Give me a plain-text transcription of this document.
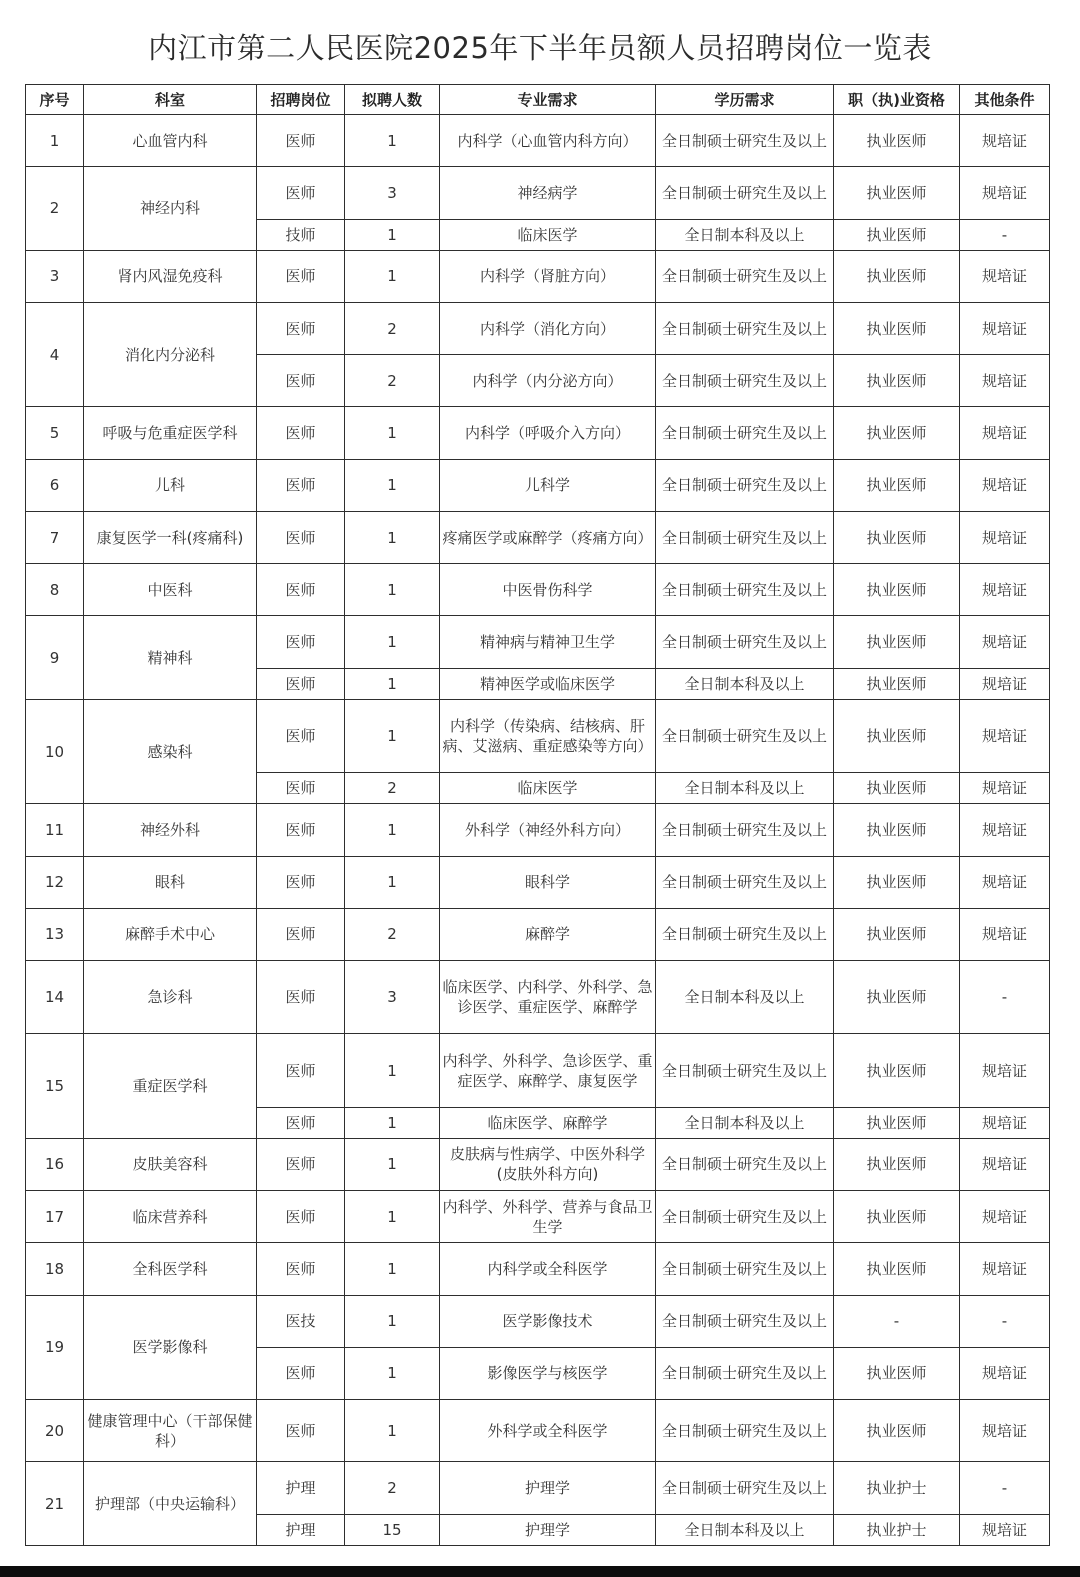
内江市第二人民医院2025年下半年员额人员招聘岗位一览表
序号	科室	招聘岗位	拟聘人数	专业需求	学历需求	职（执)业资格	其他条件
1	心血管内科	医师	1	内科学（心血管内科方向）	全日制硕士研究生及以上	执业医师	规培证
2	神经内科	医师	3	神经病学	全日制硕士研究生及以上	执业医师	规培证
		技师	1	临床医学	全日制本科及以上	执业医师	-
3	肾内风湿免疫科	医师	1	内科学（肾脏方向）	全日制硕士研究生及以上	执业医师	规培证
4	消化内分泌科	医师	2	内科学（消化方向）	全日制硕士研究生及以上	执业医师	规培证
		医师	2	内科学（内分泌方向）	全日制硕士研究生及以上	执业医师	规培证
5	呼吸与危重症医学科	医师	1	内科学（呼吸介入方向）	全日制硕士研究生及以上	执业医师	规培证
6	儿科	医师	1	儿科学	全日制硕士研究生及以上	执业医师	规培证
7	康复医学一科(疼痛科)	医师	1	疼痛医学或麻醉学（疼痛方向）	全日制硕士研究生及以上	执业医师	规培证
8	中医科	医师	1	中医骨伤科学	全日制硕士研究生及以上	执业医师	规培证
9	精神科	医师	1	精神病与精神卫生学	全日制硕士研究生及以上	执业医师	规培证
		医师	1	精神医学或临床医学	全日制本科及以上	执业医师	规培证
10	感染科	医师	1	内科学（传染病、结核病、肝病、艾滋病、重症感染等方向）	全日制硕士研究生及以上	执业医师	规培证
		医师	2	临床医学	全日制本科及以上	执业医师	规培证
11	神经外科	医师	1	外科学（神经外科方向）	全日制硕士研究生及以上	执业医师	规培证
12	眼科	医师	1	眼科学	全日制硕士研究生及以上	执业医师	规培证
13	麻醉手术中心	医师	2	麻醉学	全日制硕士研究生及以上	执业医师	规培证
14	急诊科	医师	3	临床医学、内科学、外科学、急诊医学、重症医学、麻醉学	全日制本科及以上	执业医师	-
15	重症医学科	医师	1	内科学、外科学、急诊医学、重症医学、麻醉学、康复医学	全日制硕士研究生及以上	执业医师	规培证
		医师	1	临床医学、麻醉学	全日制本科及以上	执业医师	规培证
16	皮肤美容科	医师	1	皮肤病与性病学、中医外科学(皮肤外科方向)	全日制硕士研究生及以上	执业医师	规培证
17	临床营养科	医师	1	内科学、外科学、营养与食品卫生学	全日制硕士研究生及以上	执业医师	规培证
18	全科医学科	医师	1	内科学或全科医学	全日制硕士研究生及以上	执业医师	规培证
19	医学影像科	医技	1	医学影像技术	全日制硕士研究生及以上	-	-
		医师	1	影像医学与核医学	全日制硕士研究生及以上	执业医师	规培证
20	健康管理中心（干部保健科）	医师	1	外科学或全科医学	全日制硕士研究生及以上	执业医师	规培证
21	护理部（中央运输科）	护理	2	护理学	全日制硕士研究生及以上	执业护士	-
		护理	15	护理学	全日制本科及以上	执业护士	规培证
